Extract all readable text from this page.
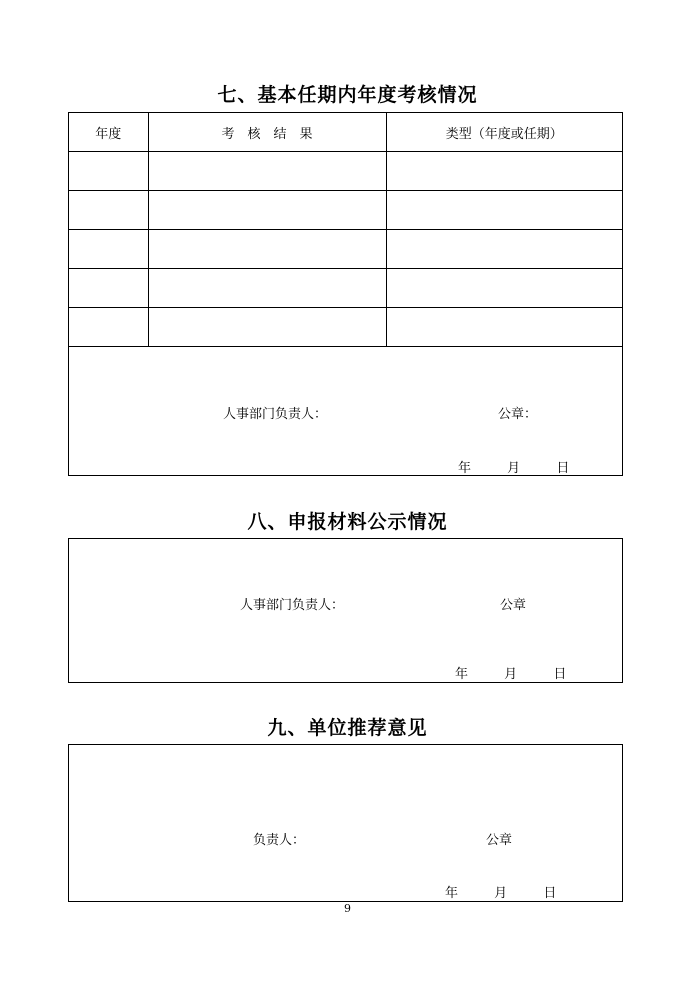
七、基本任期内年度考核情况
年度	考　核　结　果	类型（年度或任期）

人事部门负责人：	公章：
年	月	日
八、申报材料公示情况
人事部门负责人：	公章
年	月	日
九、单位推荐意见
负责人：	公章
年	月	日
9
